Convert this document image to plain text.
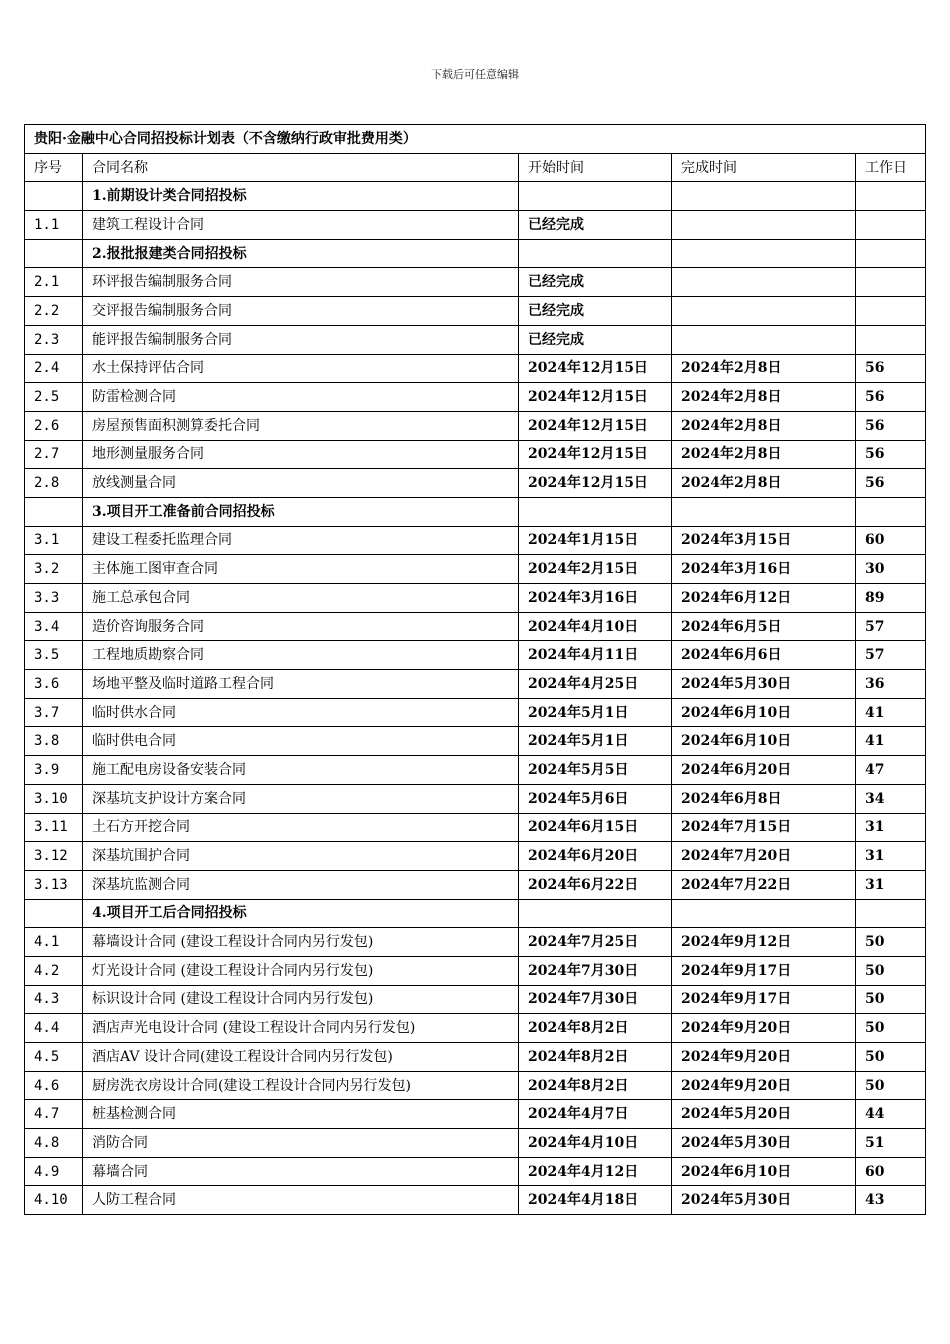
下载后可任意编辑
贵阳·金融中心合同招投标计划表（不含缴纳行政审批费用类）				
序号	合同名称	开始时间	完成时间	工作日
	1.前期设计类合同招投标			
1.1	建筑工程设计合同	已经完成		
	2.报批报建类合同招投标			
2.1	环评报告编制服务合同	已经完成		
2.2	交评报告编制服务合同	已经完成		
2.3	能评报告编制服务合同	已经完成		
2.4	水土保持评估合同	2024年12月15日	2024年2月8日	56
2.5	防雷检测合同	2024年12月15日	2024年2月8日	56
2.6	房屋预售面积测算委托合同	2024年12月15日	2024年2月8日	56
2.7	地形测量服务合同	2024年12月15日	2024年2月8日	56
2.8	放线测量合同	2024年12月15日	2024年2月8日	56
	3.项目开工准备前合同招投标			
3.1	建设工程委托监理合同	2024年1月15日	2024年3月15日	60
3.2	主体施工图审查合同	2024年2月15日	2024年3月16日	30
3.3	施工总承包合同	2024年3月16日	2024年6月12日	89
3.4	造价咨询服务合同	2024年4月10日	2024年6月5日	57
3.5	工程地质勘察合同	2024年4月11日	2024年6月6日	57
3.6	场地平整及临时道路工程合同	2024年4月25日	2024年5月30日	36
3.7	临时供水合同	2024年5月1日	2024年6月10日	41
3.8	临时供电合同	2024年5月1日	2024年6月10日	41
3.9	施工配电房设备安装合同	2024年5月5日	2024年6月20日	47
3.10	深基坑支护设计方案合同	2024年5月6日	2024年6月8日	34
3.11	土石方开挖合同	2024年6月15日	2024年7月15日	31
3.12	深基坑围护合同	2024年6月20日	2024年7月20日	31
3.13	深基坑监测合同	2024年6月22日	2024年7月22日	31
	4.项目开工后合同招投标			
4.1	幕墙设计合同 (建设工程设计合同内另行发包)	2024年7月25日	2024年9月12日	50
4.2	灯光设计合同 (建设工程设计合同内另行发包)	2024年7月30日	2024年9月17日	50
4.3	标识设计合同 (建设工程设计合同内另行发包)	2024年7月30日	2024年9月17日	50
4.4	酒店声光电设计合同 (建设工程设计合同内另行发包)	2024年8月2日	2024年9月20日	50
4.5	酒店AV 设计合同(建设工程设计合同内另行发包)	2024年8月2日	2024年9月20日	50
4.6	厨房洗衣房设计合同(建设工程设计合同内另行发包)	2024年8月2日	2024年9月20日	50
4.7	桩基检测合同	2024年4月7日	2024年5月20日	44
4.8	消防合同	2024年4月10日	2024年5月30日	51
4.9	幕墙合同	2024年4月12日	2024年6月10日	60
4.10	人防工程合同	2024年4月18日	2024年5月30日	43
